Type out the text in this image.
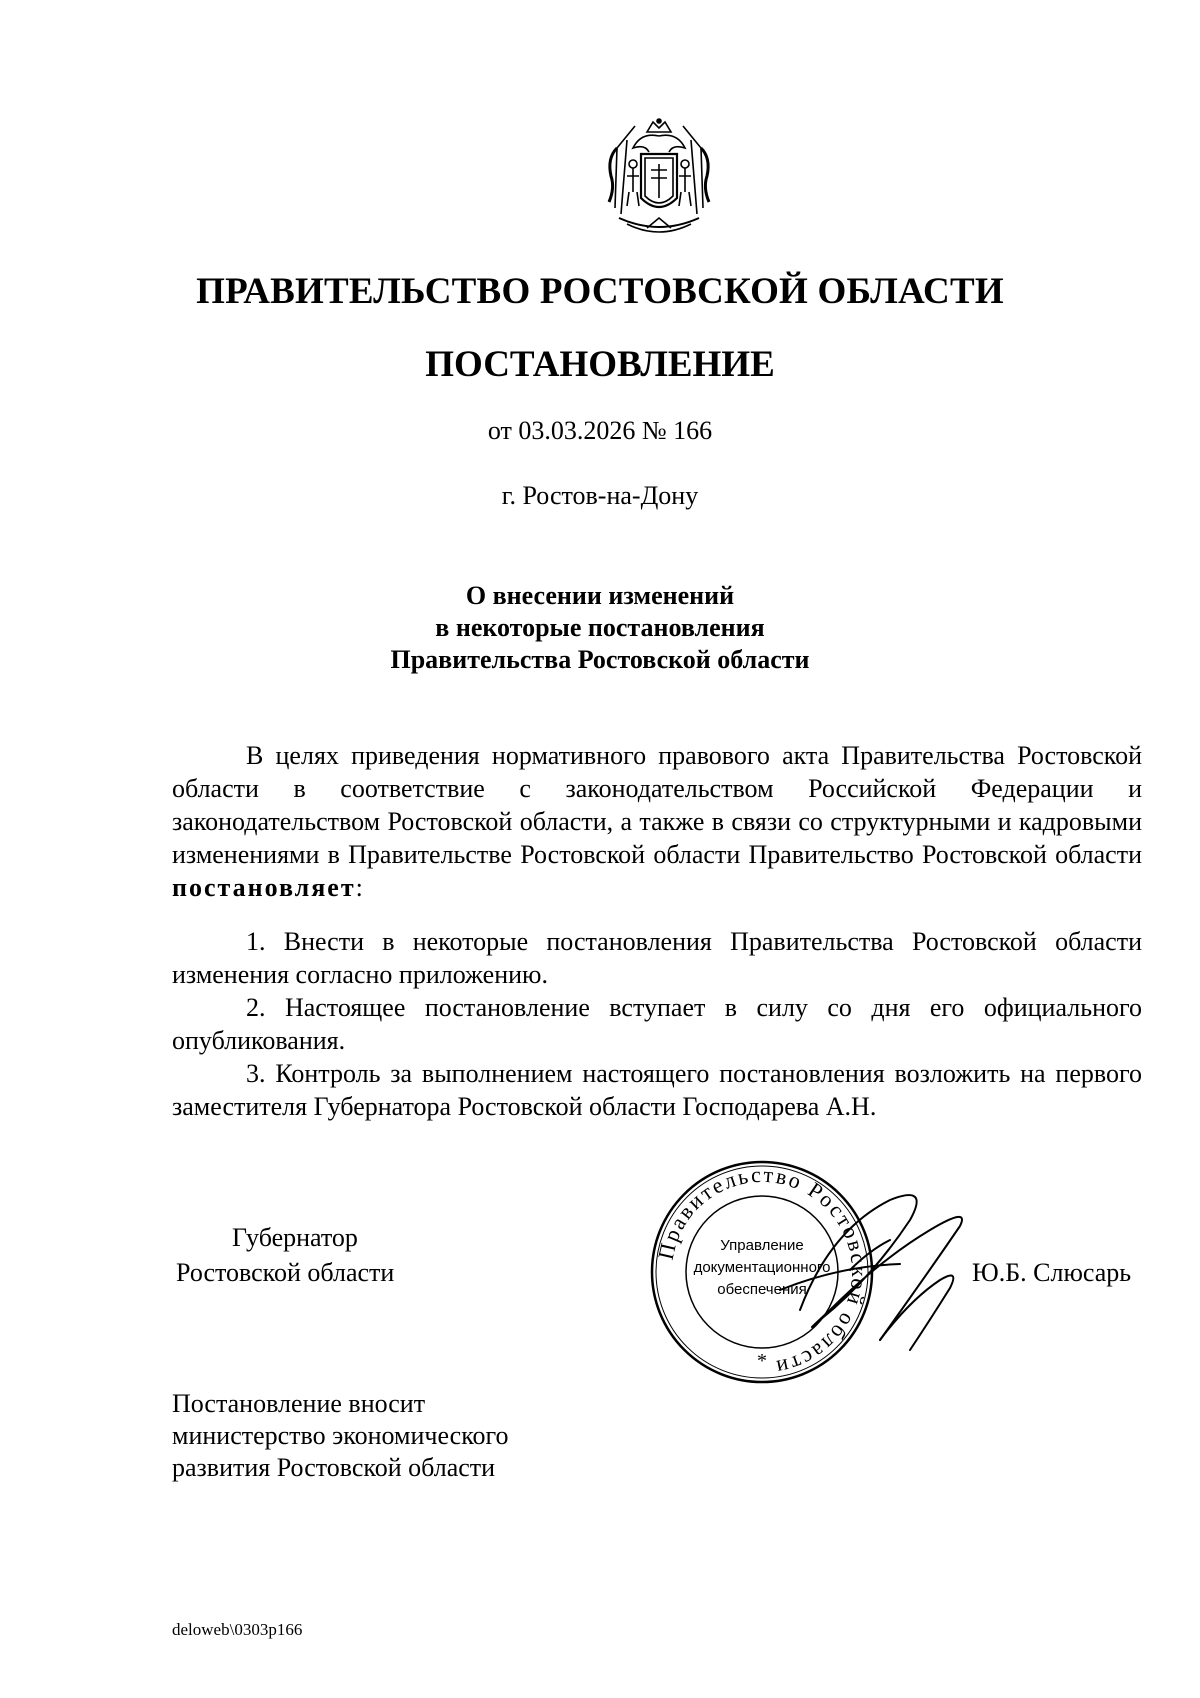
ПРАВИТЕЛЬСТВО РОСТОВСКОЙ ОБЛАСТИ
ПОСТАНОВЛЕНИЕ
от 03.03.2026 № 166
г. Ростов-на-Дону
О внесении изменений
в некоторые постановления
Правительства Ростовской области

В целях приведения нормативного правового акта Правительства Ростовской области в соответствие с законодательством Российской Федерации и законодательством Ростовской области, а также в связи со структурными и кадровыми изменениями в Правительстве Ростовской области Правительство Ростовской области постановляет:

1. Внести в некоторые постановления Правительства Ростовской области изменения согласно приложению.

2. Настоящее постановление вступает в силу со дня его официального опубликования.

3. Контроль за выполнением настоящего постановления возложить на первого заместителя Губернатора Ростовской области Господарева А.Н.

Губернатор
Ростовской области
Правительство Ростовской области
Управление
документационного
обеспечения
*
Ю.Б. Слюсарь
Постановление вносит
министерство экономического
развития Ростовской области
deloweb\0303p166
